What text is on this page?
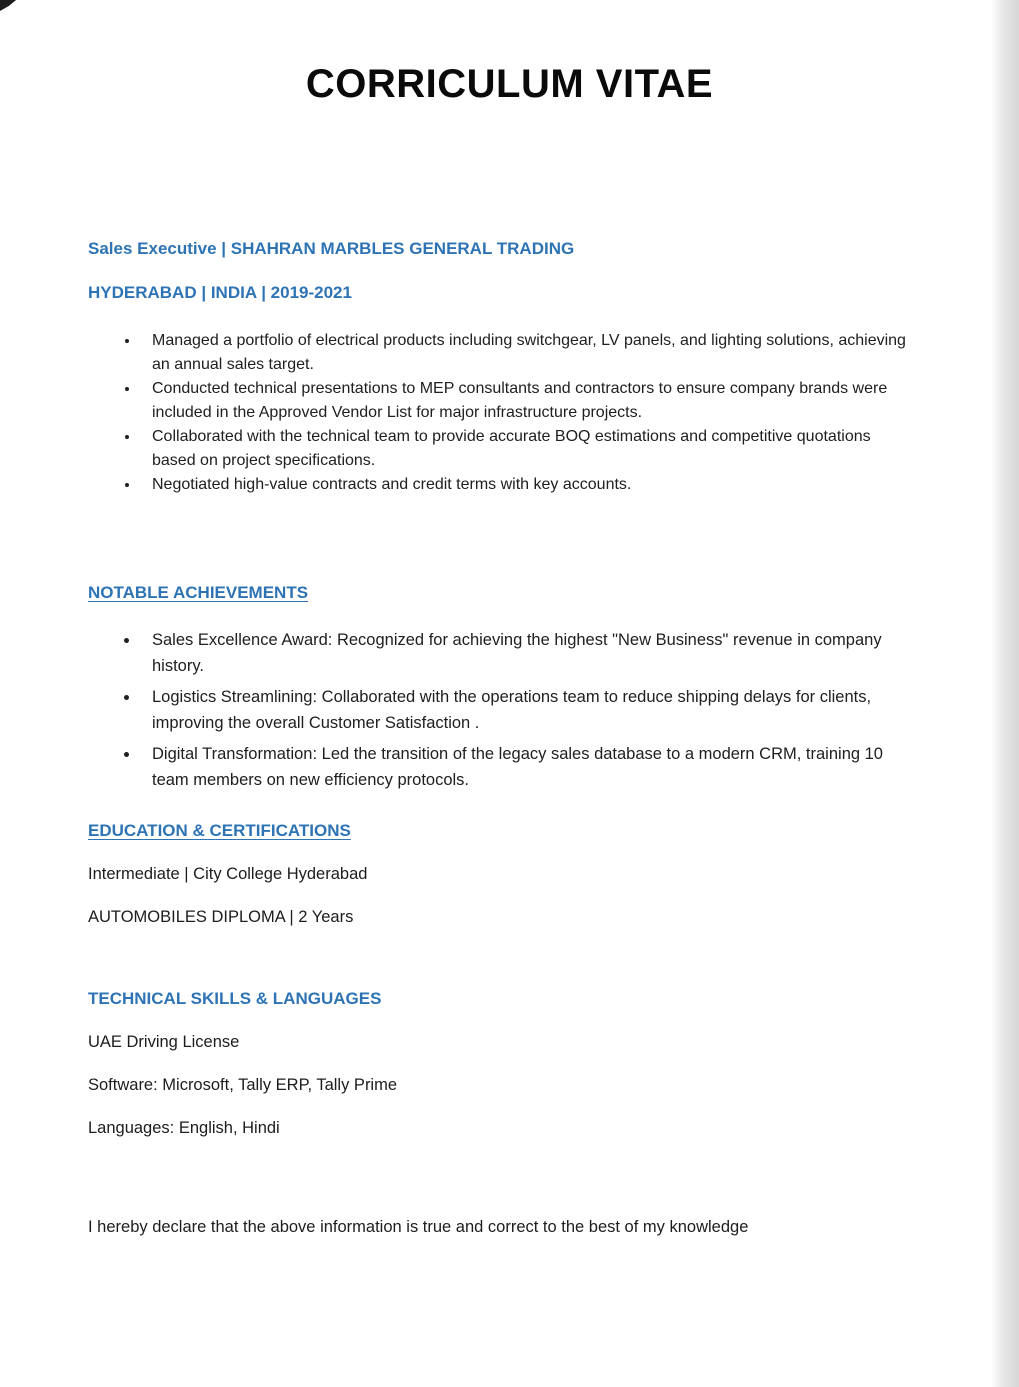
CORRICULUM VITAE

Sales Executive | SHAHRAN MARBLES GENERAL TRADING

HYDERABAD | INDIA | 2019-2021

• Managed a portfolio of electrical products including switchgear, LV panels, and lighting solutions, achieving an annual sales target.
• Conducted technical presentations to MEP consultants and contractors to ensure company brands were included in the Approved Vendor List for major infrastructure projects.
• Collaborated with the technical team to provide accurate BOQ estimations and competitive quotations based on project specifications.
• Negotiated high-value contracts and credit terms with key accounts.

NOTABLE ACHIEVEMENTS

• Sales Excellence Award: Recognized for achieving the highest "New Business" revenue in company history.
• Logistics Streamlining: Collaborated with the operations team to reduce shipping delays for clients, improving the overall Customer Satisfaction .
• Digital Transformation: Led the transition of the legacy sales database to a modern CRM, training 10 team members on new efficiency protocols.

EDUCATION & CERTIFICATIONS

Intermediate | City College Hyderabad

AUTOMOBILES DIPLOMA | 2 Years

TECHNICAL SKILLS & LANGUAGES

UAE Driving License

Software: Microsoft, Tally ERP, Tally Prime

Languages: English, Hindi

I hereby declare that the above information is true and correct to the best of my knowledge
